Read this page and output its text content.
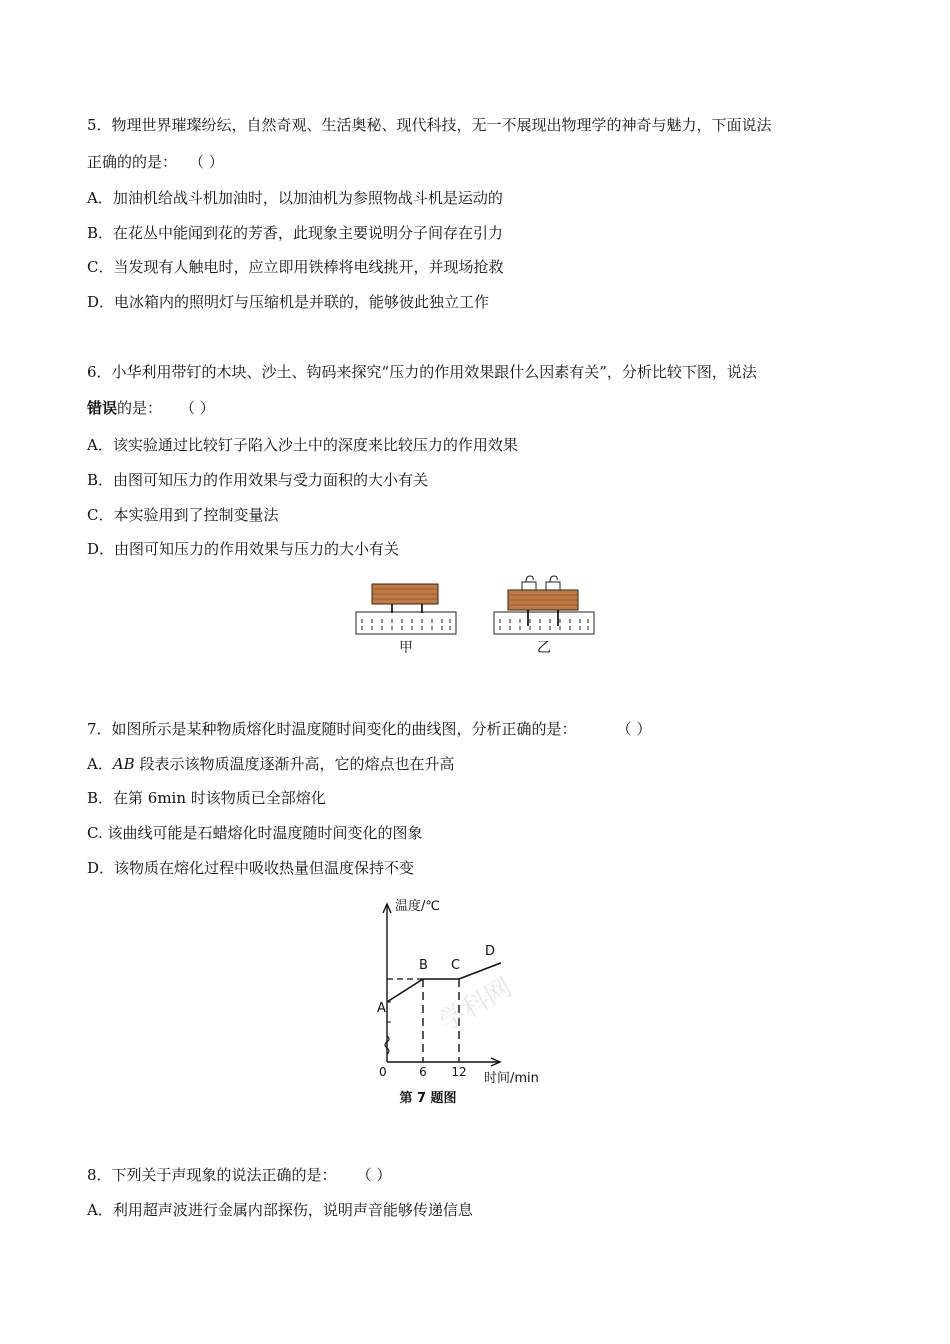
5．物理世界璀璨纷纭，自然奇观、生活奥秘、现代科技，无一不展现出物理学的神奇与魅力，下面说法
正确的的是： （ ）
A．加油机给战斗机加油时，以加油机为参照物战斗机是运动的
B．在花丛中能闻到花的芳香，此现象主要说明分子间存在引力
C．当发现有人触电时，应立即用铁棒将电线挑开，并现场抢救
D．电冰箱内的照明灯与压缩机是并联的，能够彼此独立工作
6．小华利用带钉的木块、沙土、钩码来探究“压力的作用效果跟什么因素有关”，分析比较下图，说法
错误的是： （ ）
A．该实验通过比较钉子陷入沙土中的深度来比较压力的作用效果
B．由图可知压力的作用效果与受力面积的大小有关
C．本实验用到了控制变量法
D．由图可知压力的作用效果与压力的大小有关
甲	乙
7．如图所示是某种物质熔化时温度随时间变化的曲线图，分析正确的是：	（ ）
A．AB 段表示该物质温度逐渐升高，它的熔点也在升高
B．在第 6min 时该物质已全部熔化
C. 该曲线可能是石蜡熔化时温度随时间变化的图象
D．该物质在熔化过程中吸收热量但温度保持不变
学科网
6 12
A
B C
D
温度/℃
时间/min
0
第 7 题图
8．下列关于声现象的说法正确的是： （ ）
A．利用超声波进行金属内部探伤，说明声音能够传递信息
